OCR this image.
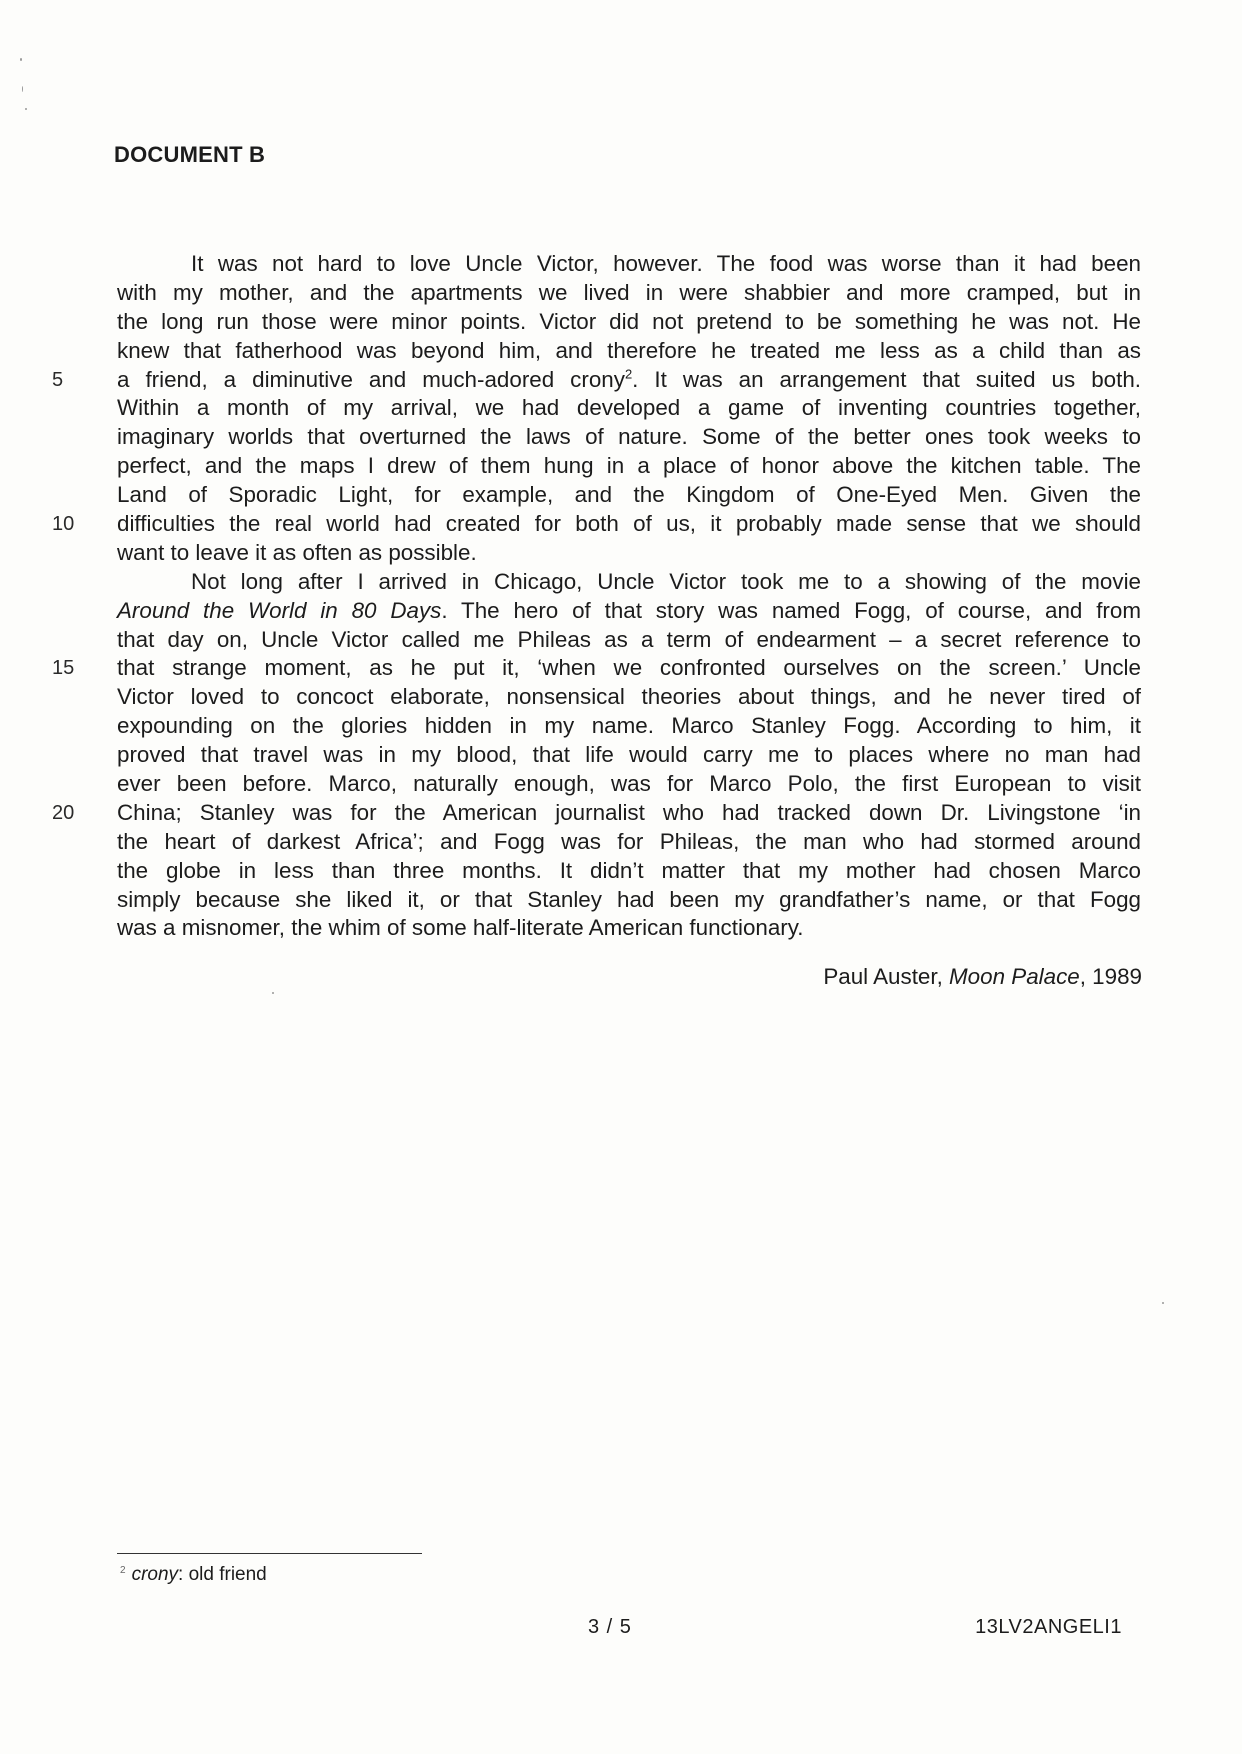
DOCUMENT B
It was not hard to love Uncle Victor, however. The food was worse than it had been
with my mother, and the apartments we lived in were shabbier and more cramped, but in
the long run those were minor points. Victor did not pretend to be something he was not. He
knew that fatherhood was beyond him, and therefore he treated me less as a child than as
5	a friend, a diminutive and much-adored crony$^2$. It was an arrangement that suited us both.
Within a month of my arrival, we had developed a game of inventing countries together,
imaginary worlds that overturned the laws of nature. Some of the better ones took weeks to
perfect, and the maps I drew of them hung in a place of honor above the kitchen table. The
Land of Sporadic Light, for example, and the Kingdom of One-Eyed Men. Given the
10 difficulties the real world had created for both of us, it probably made sense that we should
want to leave it as often as possible.
Not long after I arrived in Chicago, Uncle Victor took me to a showing of the movie
Around the World in 80 Days. The hero of that story was named Fogg, of course, and from
that day on, Uncle Victor called me Phileas as a term of endearment – a secret reference to
15 that strange moment, as he put it, ‘when we confronted ourselves on the screen.’ Uncle
Victor loved to concoct elaborate, nonsensical theories about things, and he never tired of
expounding on the glories hidden in my name. Marco Stanley Fogg. According to him, it
proved that travel was in my blood, that life would carry me to places where no man had
ever been before. Marco, naturally enough, was for Marco Polo, the first European to visit
20 China; Stanley was for the American journalist who had tracked down Dr. Livingstone ‘in
the heart of darkest Africa’; and Fogg was for Phileas, the man who had stormed around
the globe in less than three months. It didn’t matter that my mother had chosen Marco
simply because she liked it, or that Stanley had been my grandfather’s name, or that Fogg
was a misnomer, the whim of some half-literate American functionary.
Paul Auster, Moon Palace, 1989
$^2$ crony: old friend
3 / 5	13LV2ANGELI1
